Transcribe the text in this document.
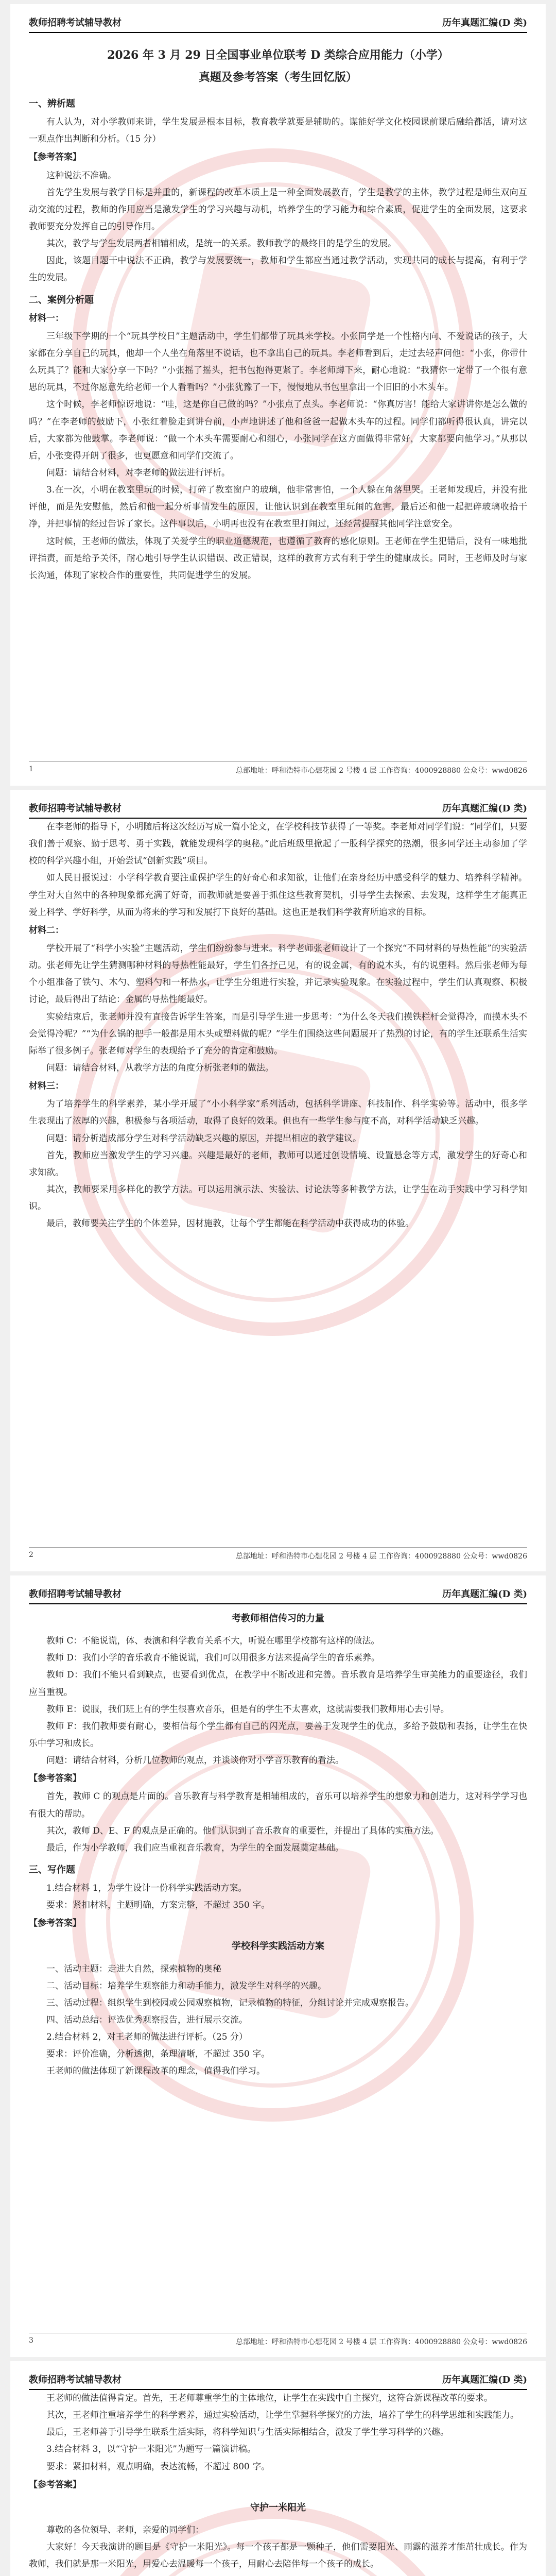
教师招聘考试辅导教材	历年真题汇编(D 类)
2026 年 3 月 29 日全国事业单位联考 D 类综合应用能力（小学）
真题及参考答案（考生回忆版）
一、辨析题

有人认为，对小学教师来讲，学生发展是根本目标，教育教学就要是辅助的。谋能好学文化校园课前课后融给都活，请对这一观点作出判断和分析。（15 分）

【参考答案】

这种说法不准确。

首先学生发展与教学目标是并重的，新课程的改革本质上是一种全面发展教育，学生是教学的主体，教学过程是师生双向互动交流的过程，教师的作用应当是激发学生的学习兴趣与动机，培养学生的学习能力和综合素质，促进学生的全面发展，这要求教师要充分发挥自己的引导作用。

其次，教学与学生发展两者相辅相成，是统一的关系。教师教学的最终目的是学生的发展。

因此，该题目题干中说法不正确，教学与发展要统一，教师和学生都应当通过教学活动，实现共同的成长与提高，有利于学生的发展。

二、案例分析题
材料一：

三年级下学期的一个“玩具学校日”主题活动中，学生们都带了玩具来学校。小张同学是一个性格内向、不爱说话的孩子，大家都在分享自己的玩具，他却一个人坐在角落里不说话，也不拿出自己的玩具。李老师看到后，走过去轻声问他：“小张，你带什么玩具了？能和大家分享一下吗？”小张摇了摇头，把书包抱得更紧了。李老师蹲下来，耐心地说：“我猜你一定带了一个很有意思的玩具，不过你愿意先给老师一个人看看吗？”小张犹豫了一下，慢慢地从书包里拿出一个旧旧的小木头车。

这个时候，李老师惊讶地说：“哇，这是你自己做的吗？”小张点了点头。李老师说：“你真厉害！能给大家讲讲你是怎么做的吗？”在李老师的鼓励下，小张红着脸走到讲台前，小声地讲述了他和爸爸一起做木头车的过程。同学们都听得很认真，讲完以后，大家都为他鼓掌。李老师说：“做一个木头车需要耐心和细心，小张同学在这方面做得非常好，大家都要向他学习。”从那以后，小张变得开朗了很多，也更愿意和同学们交流了。

问题：请结合材料，对李老师的做法进行评析。

3.在一次，小明在教室里玩的时候，打碎了教室窗户的玻璃，他非常害怕，一个人躲在角落里哭。王老师发现后，并没有批评他，而是先安慰他，然后和他一起分析事情发生的原因，让他认识到在教室里玩闹的危害，最后还和他一起把碎玻璃收拾干净，并把事情的经过告诉了家长。这件事以后，小明再也没有在教室里打闹过，还经常提醒其他同学注意安全。

这时候，王老师的做法，体现了关爱学生的职业道德规范，也遵循了教育的感化原则。王老师在学生犯错后，没有一味地批评指责，而是给予关怀，耐心地引导学生认识错误、改正错误，这样的教育方式有利于学生的健康成长。同时，王老师及时与家长沟通，体现了家校合作的重要性，共同促进学生的发展。

1	总部地址：呼和浩特市心想花园 2 号楼 4 层 工作咨询：4000928880 公众号：wwd0826
教师招聘考试辅导教材	历年真题汇编(D 类)

在李老师的指导下，小明随后将这次经历写成一篇小论文，在学校科技节获得了一等奖。李老师对同学们说：“同学们，只要我们善于观察、勤于思考、勇于实践，就能发现科学的奥秘。”此后班级里掀起了一股科学探究的热潮，很多同学还主动参加了学校的科学兴趣小组，开始尝试“创新实践”项目。

如人民日报说过：小学科学教育要注重保护学生的好奇心和求知欲，让他们在亲身经历中感受科学的魅力、培养科学精神。学生对大自然中的各种现象都充满了好奇，而教师就是要善于抓住这些教育契机，引导学生去探索、去发现，这样学生才能真正爱上科学、学好科学，从而为将来的学习和发展打下良好的基础。这也正是我们科学教育所追求的目标。

材料二：

学校开展了“科学小实验”主题活动，学生们纷纷参与进来。科学老师张老师设计了一个探究“不同材料的导热性能”的实验活动。张老师先让学生猜测哪种材料的导热性能最好，学生们各抒己见，有的说金属，有的说木头，有的说塑料。然后张老师为每个小组准备了铁勺、木勺、塑料勺和一杯热水，让学生分组进行实验，并记录实验现象。在实验过程中，学生们认真观察、积极讨论，最后得出了结论：金属的导热性能最好。

实验结束后，张老师并没有直接告诉学生答案，而是引导学生进一步思考：“为什么冬天我们摸铁栏杆会觉得冷，而摸木头不会觉得冷呢？”“为什么锅的把手一般都是用木头或塑料做的呢？”学生们围绕这些问题展开了热烈的讨论，有的学生还联系生活实际举了很多例子。张老师对学生的表现给予了充分的肯定和鼓励。

问题：请结合材料，从教学方法的角度分析张老师的做法。

材料三：

为了培养学生的科学素养，某小学开展了“小小科学家”系列活动，包括科学讲座、科技制作、科学实验等。活动中，很多学生表现出了浓厚的兴趣，积极参与各项活动，取得了良好的效果。但也有一些学生参与度不高，对科学活动缺乏兴趣。

问题：请分析造成部分学生对科学活动缺乏兴趣的原因，并提出相应的教学建议。

首先，教师应当激发学生的学习兴趣。兴趣是最好的老师，教师可以通过创设情境、设置悬念等方式，激发学生的好奇心和求知欲。

其次，教师要采用多样化的教学方法。可以运用演示法、实验法、讨论法等多种教学方法，让学生在动手实践中学习科学知识。

最后，教师要关注学生的个体差异，因材施教，让每个学生都能在科学活动中获得成功的体验。

2	总部地址：呼和浩特市心想花园 2 号楼 4 层 工作咨询：4000928880 公众号：wwd0826
教师招聘考试辅导教材	历年真题汇编(D 类)
考教师相信传习的力量

教师 C：不能说谎，体、表演和科学教育关系不大，听说在哪里学校都有这样的做法。

教师 D：我们小学的音乐教育不能说谎，我们可以用很多方法来提高学生的音乐素养。

教师 D：我们不能只看到缺点，也要看到优点，在教学中不断改进和完善。音乐教育是培养学生审美能力的重要途径，我们应当重视。

教师 E：说服，我们班上有的学生很喜欢音乐，但是有的学生不太喜欢，这就需要我们教师用心去引导。

教师 F：我们教师要有耐心，要相信每个学生都有自己的闪光点，要善于发现学生的优点，多给予鼓励和表扬，让学生在快乐中学习和成长。

问题：请结合材料，分析几位教师的观点，并谈谈你对小学音乐教育的看法。

【参考答案】

首先，教师 C 的观点是片面的。音乐教育与科学教育是相辅相成的，音乐可以培养学生的想象力和创造力，这对科学学习也有很大的帮助。

其次，教师 D、E、F 的观点是正确的。他们认识到了音乐教育的重要性，并提出了具体的实施方法。

最后，作为小学教师，我们应当重视音乐教育，为学生的全面发展奠定基础。

三、写作题

1.结合材料 1，为学生设计一份科学实践活动方案。

要求：紧扣材料，主题明确，方案完整，不超过 350 字。

【参考答案】
学校科学实践活动方案

一、活动主题：走进大自然，探索植物的奥秘

二、活动目标：培养学生观察能力和动手能力，激发学生对科学的兴趣。

三、活动过程：组织学生到校园或公园观察植物，记录植物的特征，分组讨论并完成观察报告。

四、活动总结：评选优秀观察报告，进行展示交流。

2.结合材料 2，对王老师的做法进行评析。（25 分）

要求：评价准确，分析透彻，条理清晰，不超过 350 字。

王老师的做法体现了新课程改革的理念，值得我们学习。

3	总部地址：呼和浩特市心想花园 2 号楼 4 层 工作咨询：4000928880 公众号：wwd0826
教师招聘考试辅导教材	历年真题汇编(D 类)

王老师的做法值得肯定。首先，王老师尊重学生的主体地位，让学生在实践中自主探究，这符合新课程改革的要求。

其次，王老师注重培养学生的科学素养，通过实验活动，让学生掌握科学探究的方法，培养了学生的科学思维和实践能力。

最后，王老师善于引导学生联系生活实际，将科学知识与生活实际相结合，激发了学生学习科学的兴趣。

3.结合材料 3，以“守护一米阳光”为题写一篇演讲稿。

要求：紧扣材料，观点明确，表达流畅，不超过 800 字。

【参考答案】
守护一米阳光

尊敬的各位领导、老师，亲爱的同学们：

大家好！今天我演讲的题目是《守护一米阳光》。每一个孩子都是一颗种子，他们需要阳光、雨露的滋养才能茁壮成长。作为教师，我们就是那一米阳光，用爱心去温暖每一个孩子，用耐心去陪伴每一个孩子的成长。
